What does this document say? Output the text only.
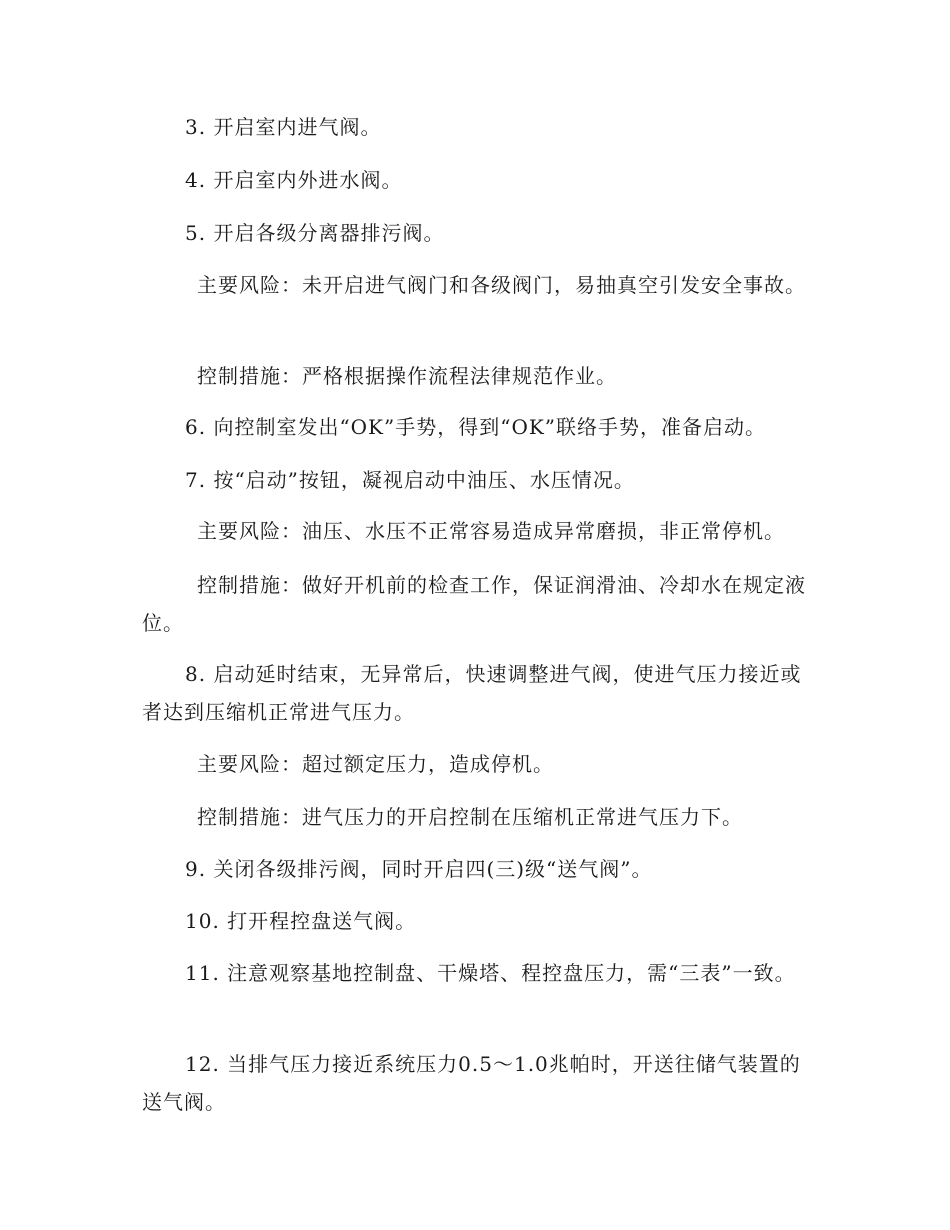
3. 开启室内进气阀。

4. 开启室内外进水阀。

5. 开启各级分离器排污阀。

主要风险：未开启进气阀门和各级阀门，易抽真空引发安全事故。

控制措施：严格根据操作流程法律规范作业。

6. 向控制室发出“OK”手势，得到“OK”联络手势，准备启动。

7. 按“启动”按钮，凝视启动中油压、水压情况。

主要风险：油压、水压不正常容易造成异常磨损，非正常停机。

控制措施：做好开机前的检查工作，保证润滑油、冷却水在规定液位。

8. 启动延时结束，无异常后，快速调整进气阀，使进气压力接近或者达到压缩机正常进气压力。

主要风险：超过额定压力，造成停机。

控制措施：进气压力的开启控制在压缩机正常进气压力下。

9. 关闭各级排污阀，同时开启四(三)级“送气阀”。

10. 打开程控盘送气阀。

11. 注意观察基地控制盘、干燥塔、程控盘压力，需“三表”一致。

12. 当排气压力接近系统压力0.5～1.0兆帕时，开送往储气装置的送气阀。
